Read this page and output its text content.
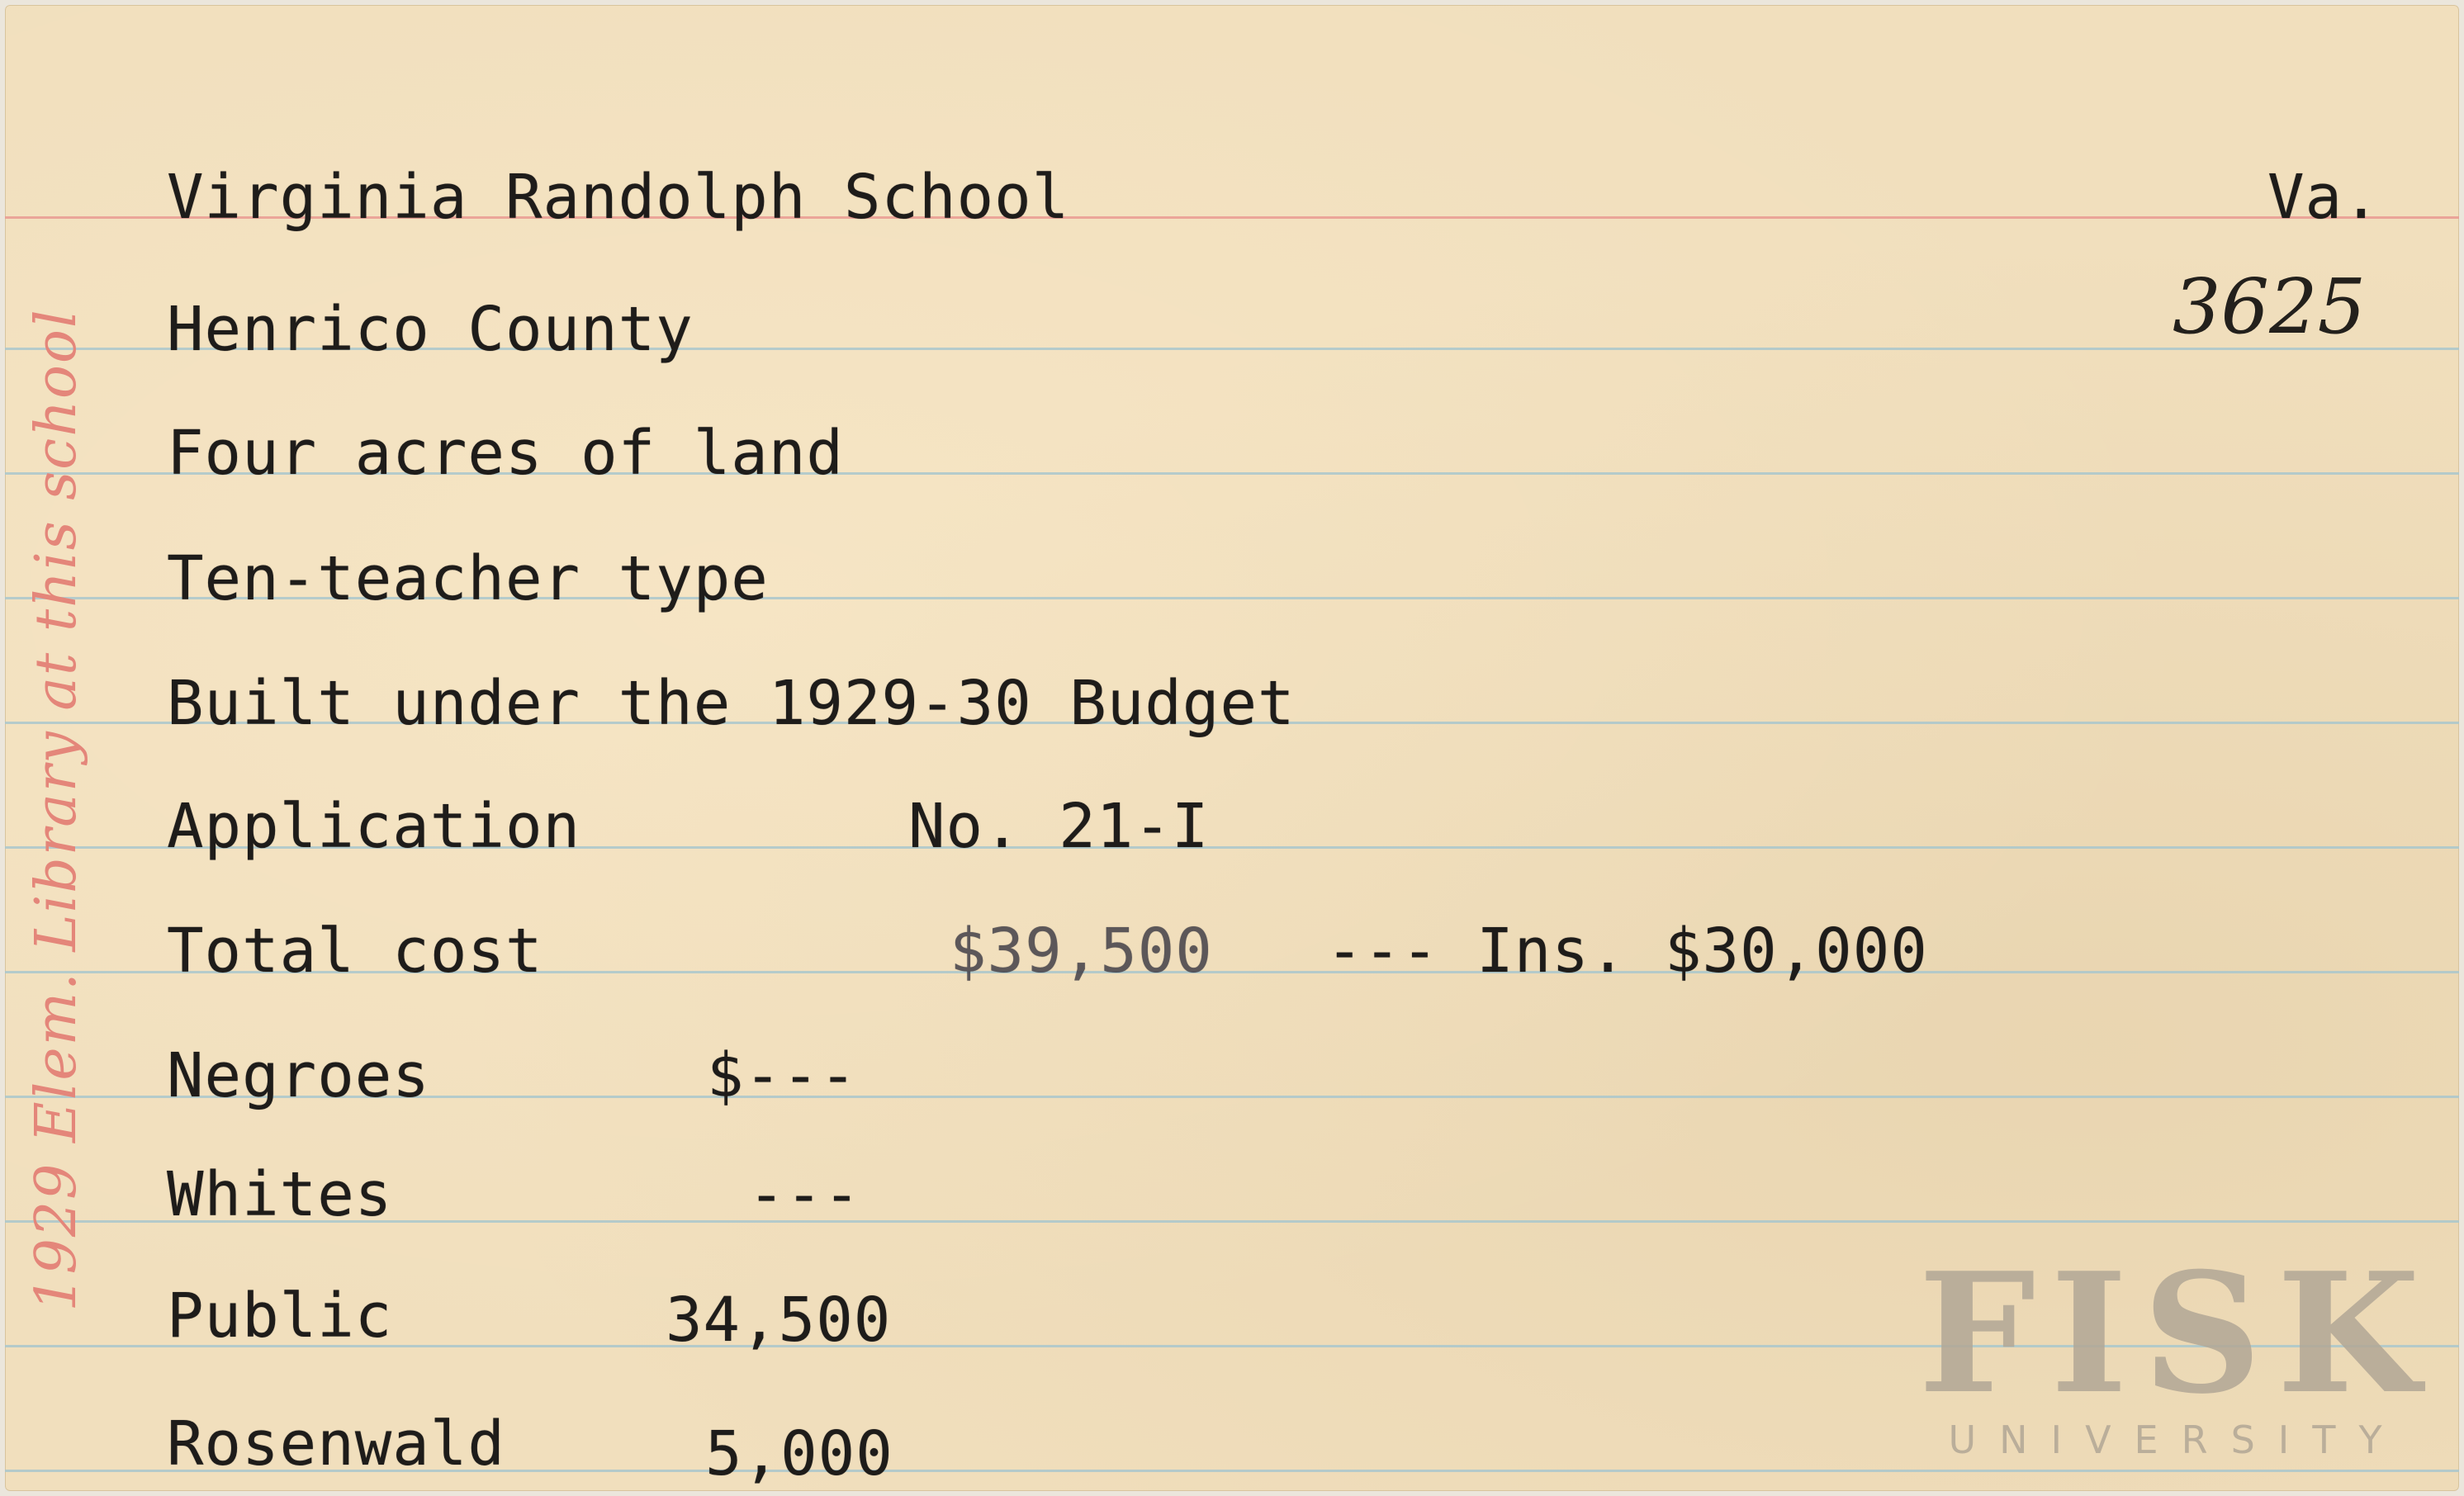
Virginia Randolph School	Va.
Henrico County	3625
Four acres of land
Ten-teacher type
Built under the 1929-30 Budget
Application	No. 21-I
Total cost	$39,500 --- Ins. $30,000
Negroes	$---
Whites	---
Public	34,500
Rosenwald	5,000
1929 Elem. Library at this school
FISK
UNIVERSITY
